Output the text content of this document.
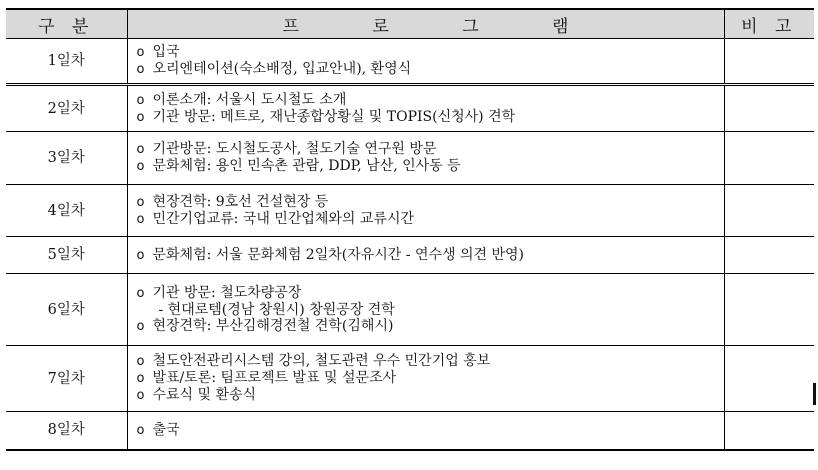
구 분	프 로 그 램	비 고
1일차	o 입국
o 오리엔테이션(숙소배정, 입교안내), 환영식	

2일차	o 이론소개: 서울시 도시철도 소개
o 기관 방문: 메트로, 재난종합상황실 및 TOPIS(신청사) 견학	

3일차	o 기관방문: 도시철도공사, 철도기술 연구원 방문
o 문화체험: 용인 민속촌 관람, DDP, 남산, 인사동 등	

4일차	o 현장견학: 9호선 건설현장 등
o 민간기업교류: 국내 민간업체와의 교류시간	

5일차	o 문화체험: 서울 문화체험 2일차(자유시간 - 연수생 의견 반영)	

6일차	o 기관 방문: 철도차량공장
- 현대로템(경남 창원시) 창원공장 견학
o 현장견학: 부산김해경전철 견학(김해시)	

7일차	o 철도안전관리시스템 강의, 철도관련 우수 민간기업 홍보
o 발표/토론: 팀프로젝트 발표 및 설문조사
o 수료식 및 환송식	

8일차	o 출국	
